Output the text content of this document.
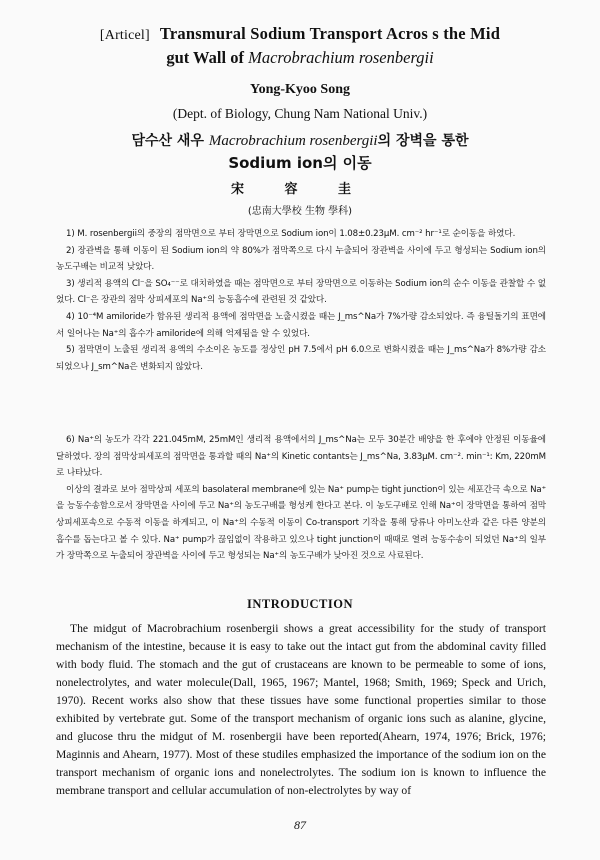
[Articel] Transmural Sodium Transport Acros s the Mid
gut Wall of Macrobrachium rosenbergii
Yong-Kyoo Song
(Dept. of Biology, Chung Nam National Univ.)
담수산 새우 Macrobrachium rosenbergii의 장벽을 통한
Sodium ion의 이동
宋 容 圭
(忠南大學校 生物 學科)

1) M. rosenbergii의 중장의 점막면으로 부터 장막면으로 Sodium ion이 1.08±0.23μM. cm⁻² hr⁻¹로 순이동을 하였다.

2) 장관벽을 통해 이동이 된 Sodium ion의 약 80%가 점막쪽으로 다시 누출되어 장관벽을 사이에 두고 형성되는 Sodium ion의 농도구배는 비교적 낮았다.

3) 생리적 용액의 Cl⁻을 SO₄⁻⁻로 대치하였을 때는 점막면으로 부터 장막면으로 이동하는 Sodium ion의 순수 이동을 관찰할 수 없었다. Cl⁻은 장관의 점막 상피세포의 Na⁺의 능동흡수에 관련된 것 같았다.

4) 10⁻⁴M amiloride가 함유된 생리적 용액에 점막면을 노출시켰을 때는 J_ms^Na가 7%가량 감소되었다. 즉 융털돌기의 표면에서 일어나는 Na⁺의 흡수가 amiloride에 의해 억제됨을 알 수 있었다.

5) 점막면이 노출된 생리적 용액의 수소이온 농도를 정상인 pH 7.5에서 pH 6.0으로 변화시켰을 때는 J_ms^Na가 8%가량 감소 되었으나 J_sm^Na은 변화되지 않았다.

6) Na⁺의 농도가 각각 221.045mM, 25mM인 생리적 용액에서의 J_ms^Na는 모두 30분간 배양을 한 후에야 안정된 이동율에 달하였다. 장의 점막상피세포의 점막면을 통과할 때의 Na⁺의 Kinetic contants는 J_ms^Na, 3.83μM. cm⁻². min⁻¹: Km, 220mM로 나타났다.

이상의 결과로 보아 점막상피 세포의 basolateral membrane에 있는 Na⁺ pump는 tight junction이 있는 세포간극 속으로 Na⁺을 능동수송함으로서 장막면을 사이에 두고 Na⁺의 농도구배를 형성케 한다고 본다. 이 농도구배로 인해 Na⁺이 장막면을 통하여 점막상피세포속으로 수동적 이동을 하게되고, 이 Na⁺의 수동적 이동이 Co-transport 기작을 통해 당류나 아미노산과 같은 다른 양분의 흡수를 돕는다고 볼 수 있다. Na⁺ pump가 끊임없이 작용하고 있으나 tight junction이 때때로 열려 능동수송이 되었던 Na⁺의 일부가 장막쪽으로 누출되어 장관벽을 사이에 두고 형성되는 Na⁺의 농도구배가 낮아진 것으로 사료된다.

INTRODUCTION

The midgut of Macrobrachium rosenbergii shows a great accessibility for the study of transport mechanism of the intestine, because it is easy to take out the intact gut from the abdominal cavity filled with body fluid. The stomach and the gut of crustaceans are known to be permeable to some of ions, nonelectrolytes, and water molecule(Dall, 1965, 1967; Mantel, 1968; Smith, 1969; Speck and Urich, 1970). Recent works also show that these tissues have some functional properties similar to those exhibited by vertebrate gut. Some of the transport mechanism of organic ions such as alanine, glycine, and glucose thru the midgut of M. rosenbergii have been reported(Ahearn, 1974, 1976; Brick, 1976; Maginnis and Ahearn, 1977). Most of these studiles emphasized the importance of the sodium ion on the transport mechanism of organic ions and nonelectrolytes. The sodium ion is known to influence the membrane transport and cellular accumulation of non-electrolytes by way of

87
